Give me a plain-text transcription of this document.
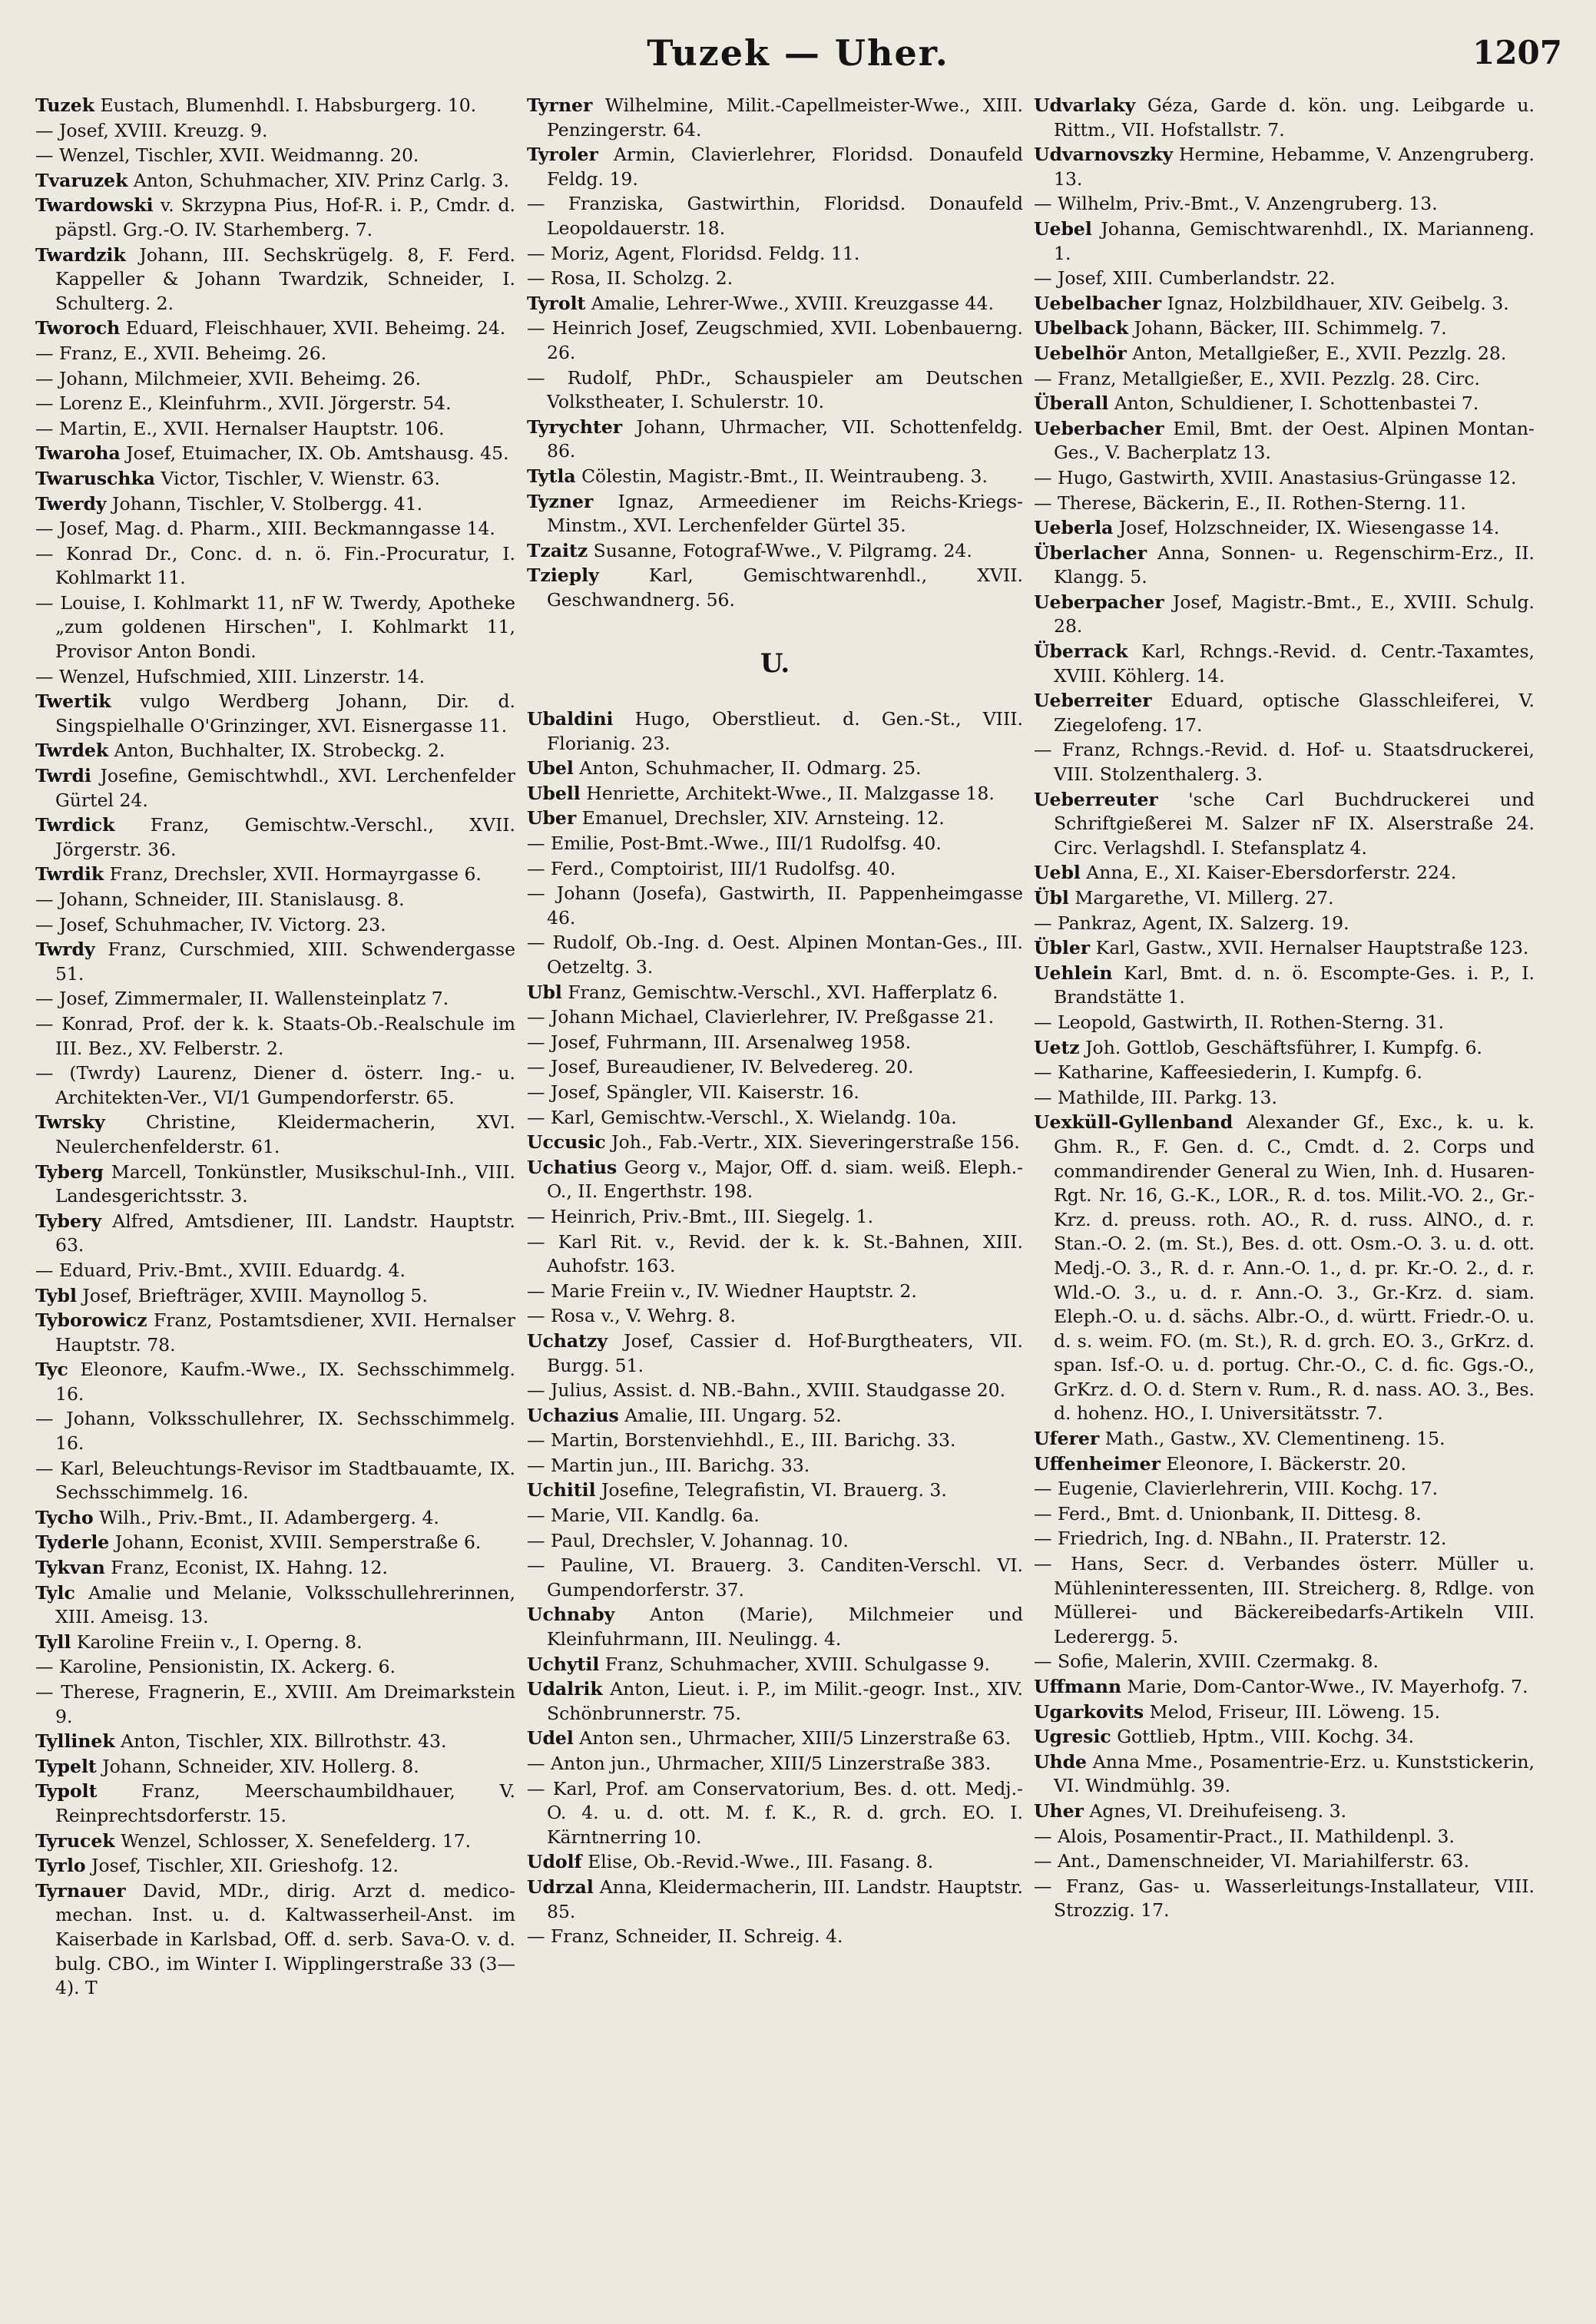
Tuzek — Uher.	1207
Tuzek Eustach, Blumenhdl. I. Habsburgerg. 10.
— Josef, XVIII. Kreuzg. 9.
— Wenzel, Tischler, XVII. Weidmanng. 20.
Tvaruzek Anton, Schuhmacher, XIV. Prinz Carlg. 3.
Twardowski v. Skrzypna Pius, Hof-R. i. P., Cmdr. d. päpstl. Grg.-O. IV. Starhemberg. 7.
Twardzik Johann, III. Sechskrügelg. 8, F. Ferd. Kappeller & Johann Twardzik, Schneider, I. Schulterg. 2.
Tworoch Eduard, Fleischhauer, XVII. Beheimg. 24.
— Franz, E., XVII. Beheimg. 26.
— Johann, Milchmeier, XVII. Beheimg. 26.
— Lorenz E., Kleinfuhrm., XVII. Jörgerstr. 54.
— Martin, E., XVII. Hernalser Hauptstr. 106.
Twaroha Josef, Etuimacher, IX. Ob. Amtshausg. 45.
Twaruschka Victor, Tischler, V. Wienstr. 63.
Twerdy Johann, Tischler, V. Stolbergg. 41.
— Josef, Mag. d. Pharm., XIII. Beckmanngasse 14.
— Konrad Dr., Conc. d. n. ö. Fin.-Procuratur, I. Kohlmarkt 11.
— Louise, I. Kohlmarkt 11, nF W. Twerdy, Apotheke „zum goldenen Hirschen", I. Kohlmarkt 11, Provisor Anton Bondi.
— Wenzel, Hufschmied, XIII. Linzerstr. 14.
Twertik vulgo Werdberg Johann, Dir. d. Singspielhalle O'Grinzinger, XVI. Eisnergasse 11.
Twrdek Anton, Buchhalter, IX. Strobeckg. 2.
Twrdi Josefine, Gemischtwhdl., XVI. Lerchenfelder Gürtel 24.
Twrdick Franz, Gemischtw.-Verschl., XVII. Jörgerstr. 36.
Twrdik Franz, Drechsler, XVII. Hormayrgasse 6.
— Johann, Schneider, III. Stanislausg. 8.
— Josef, Schuhmacher, IV. Victorg. 23.
Twrdy Franz, Curschmied, XIII. Schwendergasse 51.
— Josef, Zimmermaler, II. Wallensteinplatz 7.
— Konrad, Prof. der k. k. Staats-Ob.-Realschule im III. Bez., XV. Felberstr. 2.
— (Twrdy) Laurenz, Diener d. österr. Ing.- u. Architekten-Ver., VI/1 Gumpendorferstr. 65.
Twrsky Christine, Kleidermacherin, XVI. Neulerchenfelderstr. 61.
Tyberg Marcell, Tonkünstler, Musikschul-Inh., VIII. Landesgerichtsstr. 3.
Tybery Alfred, Amtsdiener, III. Landstr. Hauptstr. 63.
— Eduard, Priv.-Bmt., XVIII. Eduardg. 4.
Tybl Josef, Briefträger, XVIII. Maynollog 5.
Tyborowicz Franz, Postamtsdiener, XVII. Hernalser Hauptstr. 78.
Tyc Eleonore, Kaufm.-Wwe., IX. Sechsschimmelg. 16.
— Johann, Volksschullehrer, IX. Sechsschimmelg. 16.
— Karl, Beleuchtungs-Revisor im Stadtbauamte, IX. Sechsschimmelg. 16.
Tycho Wilh., Priv.-Bmt., II. Adambergerg. 4.
Tyderle Johann, Econist, XVIII. Semperstraße 6.
Tykvan Franz, Econist, IX. Hahng. 12.
Tylc Amalie und Melanie, Volksschullehrerinnen, XIII. Ameisg. 13.
Tyll Karoline Freiin v., I. Operng. 8.
— Karoline, Pensionistin, IX. Ackerg. 6.
— Therese, Fragnerin, E., XVIII. Am Dreimarkstein 9.
Tyllinek Anton, Tischler, XIX. Billrothstr. 43.
Typelt Johann, Schneider, XIV. Hollerg. 8.
Typolt Franz, Meerschaumbildhauer, V. Reinprechtsdorferstr. 15.
Tyrucek Wenzel, Schlosser, X. Senefelderg. 17.
Tyrlo Josef, Tischler, XII. Grieshofg. 12.
Tyrnauer David, MDr., dirig. Arzt d. medico-mechan. Inst. u. d. Kaltwasserheil-Anst. im Kaiserbade in Karlsbad, Off. d. serb. Sava-O. v. d. bulg. CBO., im Winter I. Wipplingerstraße 33 (3—4). T
Tyrner Wilhelmine, Milit.-Capellmeister-Wwe., XIII. Penzingerstr. 64.
Tyroler Armin, Clavierlehrer, Floridsd. Donaufeld Feldg. 19.
— Franziska, Gastwirthin, Floridsd. Donaufeld Leopoldauerstr. 18.
— Moriz, Agent, Floridsd. Feldg. 11.
— Rosa, II. Scholzg. 2.
Tyrolt Amalie, Lehrer-Wwe., XVIII. Kreuzgasse 44.
— Heinrich Josef, Zeugschmied, XVII. Lobenbauerng. 26.
— Rudolf, PhDr., Schauspieler am Deutschen Volkstheater, I. Schulerstr. 10.
Tyrychter Johann, Uhrmacher, VII. Schottenfeldg. 86.
Tytla Cölestin, Magistr.-Bmt., II. Weintraubeng. 3.
Tyzner Ignaz, Armeediener im Reichs-Kriegs-Minstm., XVI. Lerchenfelder Gürtel 35.
Tzaitz Susanne, Fotograf-Wwe., V. Pilgramg. 24.
Tzieply	Karl, Gemischtwarenhdl., XVII. Geschwandnerg. 56.
U.
Ubaldini Hugo, Oberstlieut. d. Gen.-St., VIII. Florianig. 23.
Ubel Anton, Schuhmacher, II. Odmarg. 25.
Ubell Henriette, Architekt-Wwe., II. Malzgasse 18.
Uber Emanuel, Drechsler, XIV. Arnsteing. 12.
— Emilie, Post-Bmt.-Wwe., III/1 Rudolfsg. 40.
— Ferd., Comptoirist, III/1 Rudolfsg. 40.
— Johann (Josefa), Gastwirth, II. Pappenheimgasse 46.
— Rudolf, Ob.-Ing. d. Oest. Alpinen Montan-Ges., III. Oetzeltg. 3.
Ubl Franz, Gemischtw.-Verschl., XVI. Hafferplatz 6.
— Johann Michael, Clavierlehrer, IV. Preßgasse 21.
— Josef, Fuhrmann, III. Arsenalweg 1958.
— Josef, Bureaudiener, IV. Belvedereg. 20.
— Josef, Spängler, VII. Kaiserstr. 16.
— Karl, Gemischtw.-Verschl., X. Wielandg. 10a.
Uccusic Joh., Fab.-Vertr., XIX. Sieveringerstraße 156.
Uchatius Georg v., Major, Off. d. siam. weiß. Eleph.-O., II. Engerthstr. 198.
— Heinrich, Priv.-Bmt., III. Siegelg. 1.
— Karl Rit. v., Revid. der k. k. St.-Bahnen, XIII. Auhofstr. 163.
— Marie Freiin v., IV. Wiedner Hauptstr. 2.
— Rosa v., V. Wehrg. 8.
Uchatzy Josef, Cassier d. Hof-Burgtheaters, VII. Burgg. 51.
— Julius, Assist. d. NB.-Bahn., XVIII. Staudgasse 20.
Uchazius Amalie, III. Ungarg. 52.
— Martin, Borstenviehhdl., E., III. Barichg. 33.
— Martin jun., III. Barichg. 33.
Uchitil Josefine, Telegrafistin, VI. Brauerg. 3.
— Marie, VII. Kandlg. 6a.
— Paul, Drechsler, V. Johannag. 10.
— Pauline, VI. Brauerg. 3. Canditen-Verschl. VI. Gumpendorferstr. 37.
Uchnaby Anton (Marie), Milchmeier und Kleinfuhrmann, III. Neulingg. 4.
Uchytil Franz, Schuhmacher, XVIII. Schulgasse 9.
Udalrik Anton, Lieut. i. P., im Milit.-geogr. Inst., XIV. Schönbrunnerstr. 75.
Udel Anton sen., Uhrmacher, XIII/5 Linzerstraße 63.
— Anton jun., Uhrmacher, XIII/5 Linzerstraße 383.
— Karl, Prof. am Conservatorium, Bes. d. ott. Medj.-O. 4. u. d. ott. M. f. K., R. d. grch. EO. I. Kärntnerring 10.
Udolf Elise, Ob.-Revid.-Wwe., III. Fasang. 8.
Udrzal Anna, Kleidermacherin, III. Landstr. Hauptstr. 85.
— Franz, Schneider, II. Schreig. 4.
Udvarlaky Géza, Garde d. kön. ung. Leibgarde u. Rittm., VII. Hofstallstr. 7.
Udvarnovszky Hermine, Hebamme, V. Anzengruberg. 13.
— Wilhelm, Priv.-Bmt., V. Anzengruberg. 13.
Uebel Johanna, Gemischtwarenhdl., IX. Marianneng. 1.
— Josef, XIII. Cumberlandstr. 22.
Uebelbacher Ignaz, Holzbildhauer, XIV. Geibelg. 3.
Ubelback Johann, Bäcker, III. Schimmelg. 7.
Uebelhör Anton, Metallgießer, E., XVII. Pezzlg. 28.
— Franz, Metallgießer, E., XVII. Pezzlg. 28. Circ.
Überall Anton, Schuldiener, I. Schottenbastei 7.
Ueberbacher Emil, Bmt. der Oest. Alpinen Montan-Ges., V. Bacherplatz 13.
— Hugo, Gastwirth, XVIII. Anastasius-Grüngasse 12.
— Therese, Bäckerin, E., II. Rothen-Sterng. 11.
Ueberla Josef, Holzschneider, IX. Wiesengasse 14.
Überlacher Anna, Sonnen- u. Regenschirm-Erz., II. Klangg. 5.
Ueberpacher Josef, Magistr.-Bmt., E., XVIII. Schulg. 28.
Überrack Karl, Rchngs.-Revid. d. Centr.-Taxamtes, XVIII. Köhlerg. 14.
Ueberreiter Eduard, optische Glasschleiferei, V. Ziegelofeng. 17.
— Franz, Rchngs.-Revid. d. Hof- u. Staatsdruckerei, VIII. Stolzenthalerg. 3.
Ueberreuter 'sche Carl Buchdruckerei und Schriftgießerei M. Salzer nF IX. Alserstraße 24. Circ. Verlagshdl. I. Stefansplatz 4.
Uebl Anna, E., XI. Kaiser-Ebersdorferstr. 224.
Übl Margarethe, VI. Millerg. 27.
— Pankraz, Agent, IX. Salzerg. 19.
Übler Karl, Gastw., XVII. Hernalser Hauptstraße 123.
Uehlein Karl, Bmt. d. n. ö. Escompte-Ges. i. P., I. Brandstätte 1.
— Leopold, Gastwirth, II. Rothen-Sterng. 31.
Uetz Joh. Gottlob, Geschäftsführer, I. Kumpfg. 6.
— Katharine, Kaffeesiederin, I. Kumpfg. 6.
— Mathilde, III. Parkg. 13.
Uexküll-Gyllenband Alexander Gf., Exc., k. u. k. Ghm. R., F. Gen. d. C., Cmdt. d. 2. Corps und commandirender General zu Wien, Inh. d. Husaren-Rgt. Nr. 16, G.-K., LOR., R. d. tos. Milit.-VO. 2., Gr.-Krz. d. preuss. roth. AO., R. d. russ. AlNO., d. r. Stan.-O. 2. (m. St.), Bes. d. ott. Osm.-O. 3. u. d. ott. Medj.-O. 3., R. d. r. Ann.-O. 1., d. pr. Kr.-O. 2., d. r. Wld.-O. 3., u. d. r. Ann.-O. 3., Gr.-Krz. d. siam. Eleph.-O. u. d. sächs. Albr.-O., d. württ. Friedr.-O. u. d. s. weim. FO. (m. St.), R. d. grch. EO. 3., GrKrz. d. span. Isf.-O. u. d. portug. Chr.-O., C. d. fic. Ggs.-O., GrKrz. d. O. d. Stern v. Rum., R. d. nass. AO. 3., Bes. d. hohenz. HO., I. Universitätsstr. 7.
Uferer Math., Gastw., XV. Clementineng. 15.
Uffenheimer Eleonore, I. Bäckerstr. 20.
— Eugenie, Clavierlehrerin, VIII. Kochg. 17.
— Ferd., Bmt. d. Unionbank, II. Dittesg. 8.
— Friedrich, Ing. d. NBahn., II. Praterstr. 12.
— Hans, Secr. d. Verbandes österr. Müller u. Mühleninteressenten, III. Streicherg. 8, Rdlge. von Müllerei- und Bäckereibedarfs-Artikeln VIII. Lederergg. 5.
— Sofie, Malerin, XVIII. Czermakg. 8.
Uffmann Marie, Dom-Cantor-Wwe., IV. Mayerhofg. 7.
Ugarkovits Melod, Friseur, III. Löweng. 15.
Ugresic Gottlieb, Hptm., VIII. Kochg. 34.
Uhde Anna Mme., Posamentrie-Erz. u. Kunststickerin, VI. Windmühlg. 39.
Uher Agnes, VI. Dreihufeiseng. 3.
— Alois, Posamentir-Pract., II. Mathildenpl. 3.
— Ant., Damenschneider, VI. Mariahilferstr. 63.
— Franz, Gas- u. Wasserleitungs-Installateur, VIII. Strozzig. 17.
